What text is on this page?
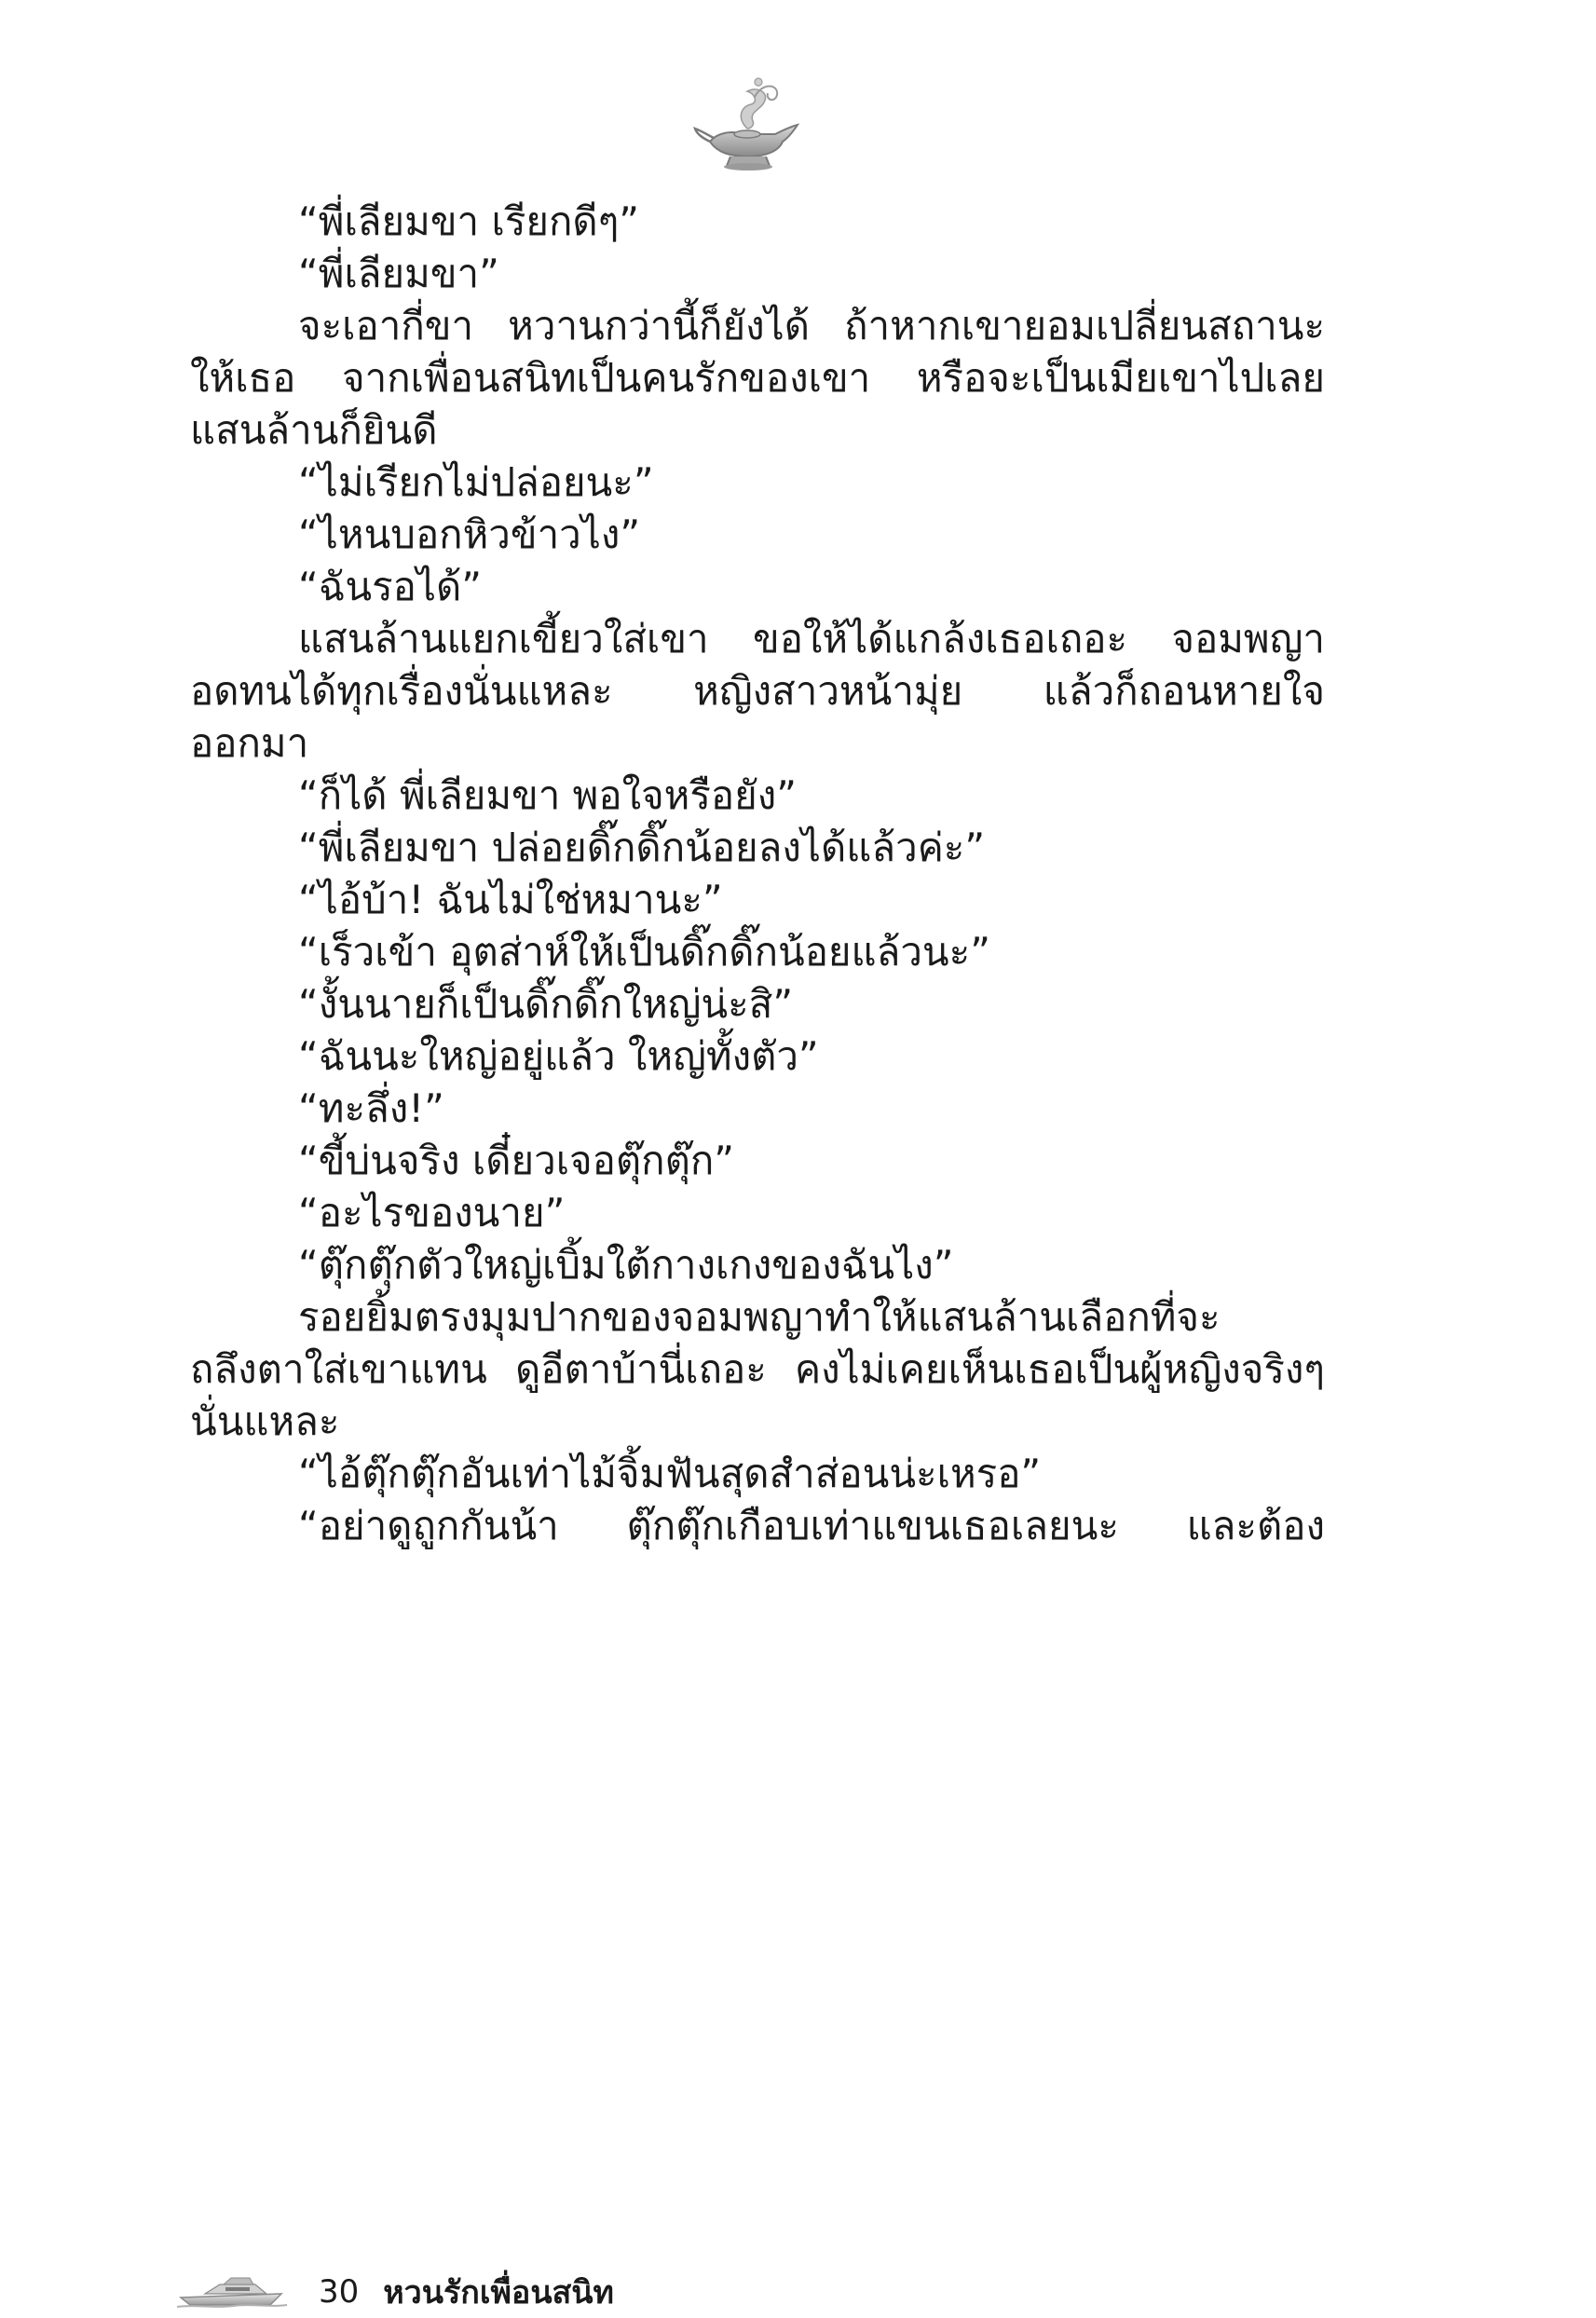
“พี่เลียมขา เรียกดีๆ”
“พี่เลียมขา”
จะเอากี่ขา หวานกว่านี้ก็ยังได้ ถ้าหากเขายอมเปลี่ยนสถานะ
ให้เธอ จากเพื่อนสนิทเป็นคนรักของเขา หรือจะเป็นเมียเขาไปเลย
แสนล้านก็ยินดี
“ไม่เรียกไม่ปล่อยนะ”
“ไหนบอกหิวข้าวไง”
“ฉันรอได้”
แสนล้านแยกเขี้ยวใส่เขา ขอให้ได้แกล้งเธอเถอะ จอมพญา
อดทนได้ทุกเรื่องนั่นแหละ หญิงสาวหน้ามุ่ย แล้วก็ถอนหายใจ
ออกมา
“ก็ได้ พี่เลียมขา พอใจหรือยัง”
“พี่เลียมขา ปล่อยดิ๊กดิ๊กน้อยลงได้แล้วค่ะ”
“ไอ้บ้า! ฉันไม่ใช่หมานะ”
“เร็วเข้า อุตส่าห์ให้เป็นดิ๊กดิ๊กน้อยแล้วนะ”
“งั้นนายก็เป็นดิ๊กดิ๊กใหญ่น่ะสิ”
“ฉันนะใหญ่อยู่แล้ว ใหญ่ทั้งตัว”
“ทะลึ่ง!”
“ขี้บ่นจริง เดี๋ยวเจอตุ๊กตุ๊ก”
“อะไรของนาย”
“ตุ๊กตุ๊กตัวใหญ่เบิ้มใต้กางเกงของฉันไง”
รอยยิ้มตรงมุมปากของจอมพญาทำให้แสนล้านเลือกที่จะ
ถลึงตาใส่เขาแทน ดูอีตาบ้านี่เถอะ คงไม่เคยเห็นเธอเป็นผู้หญิงจริงๆ
นั่นแหละ
“ไอ้ตุ๊กตุ๊กอันเท่าไม้จิ้มฟันสุดสำส่อนน่ะเหรอ”
“อย่าดูถูกกันน้า ตุ๊กตุ๊กเกือบเท่าแขนเธอเลยนะ และต้อง
30 หวนรักเพื่อนสนิท
